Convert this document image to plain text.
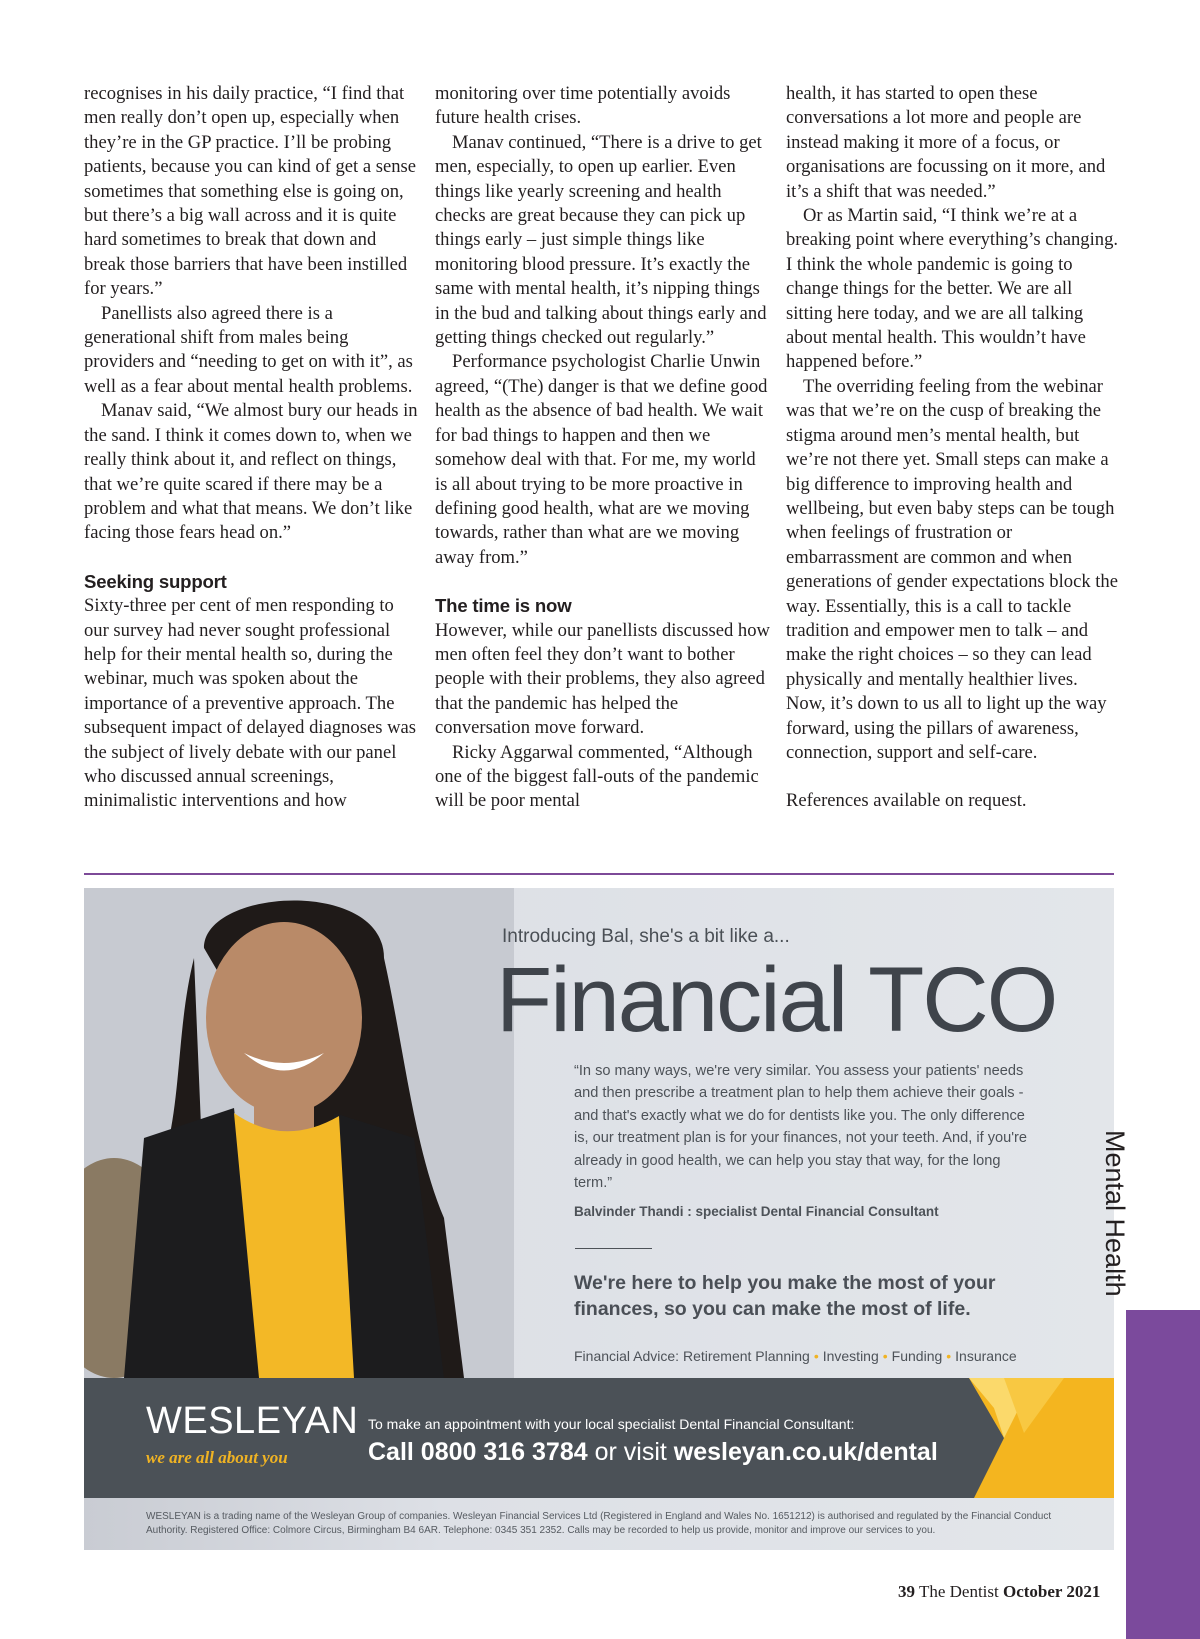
recognises in his daily practice, “I find that men really don’t open up, especially when they’re in the GP practice. I’ll be probing patients, because you can kind of get a sense sometimes that something else is going on, but there’s a big wall across and it is quite hard sometimes to break that down and break those barriers that have been instilled for years.”

Panellists also agreed there is a generational shift from males being providers and “needing to get on with it”, as well as a fear about mental health problems.

Manav said, “We almost bury our heads in the sand. I think it comes down to, when we really think about it, and reflect on things, that we’re quite scared if there may be a problem and what that means. We don’t like facing those fears head on.”

Seeking support

Sixty-three per cent of men responding to our survey had never sought professional help for their mental health so, during the webinar, much was spoken about the importance of a preventive approach. The subsequent impact of delayed diagnoses was the subject of lively debate with our panel who discussed annual screenings, minimalistic interventions and how

monitoring over time potentially avoids future health crises.

Manav continued, “There is a drive to get men, especially, to open up earlier. Even things like yearly screening and health checks are great because they can pick up things early – just simple things like monitoring blood pressure. It’s exactly the same with mental health, it’s nipping things in the bud and talking about things early and getting things checked out regularly.”

Performance psychologist Charlie Unwin agreed, “(The) danger is that we define good health as the absence of bad health. We wait for bad things to happen and then we somehow deal with that. For me, my world is all about trying to be more proactive in defining good health, what are we moving towards, rather than what are we moving away from.”

The time is now

However, while our panellists discussed how men often feel they don’t want to bother people with their problems, they also agreed that the pandemic has helped the conversation move forward.

Ricky Aggarwal commented, “Although one of the biggest fall-outs of the pandemic will be poor mental

health, it has started to open these conversations a lot more and people are instead making it more of a focus, or organisations are focussing on it more, and it’s a shift that was needed.”

Or as Martin said, “I think we’re at a breaking point where everything’s changing. I think the whole pandemic is going to change things for the better. We are all sitting here today, and we are all talking about mental health. This wouldn’t have happened before.”

The overriding feeling from the webinar was that we’re on the cusp of breaking the stigma around men’s mental health, but we’re not there yet. Small steps can make a big difference to improving health and wellbeing, but even baby steps can be tough when feelings of frustration or embarrassment are common and when generations of gender expectations block the way. Essentially, this is a call to tackle tradition and empower men to talk – and make the right choices – so they can lead physically and mentally healthier lives. Now, it’s down to us all to light up the way forward, using the pillars of awareness, connection, support and self-care.

References available on request.

Introducing Bal, she's a bit like a...
Financial TCO
“In so many ways, we're very similar. You assess your patients' needs and then prescribe a treatment plan to help them achieve their goals - and that's exactly what we do for dentists like you. The only difference is, our treatment plan is for your finances, not your teeth. And, if you're already in good health, we can help you stay that way, for the long term.”
Balvinder Thandi : specialist Dental Financial Consultant
We're here to help you make the most of your finances, so you can make the most of life.
Financial Advice: Retirement Planning • Investing • Funding • Insurance
WESLEYAN
we are all about you
To make an appointment with your local specialist Dental Financial Consultant:
Call 0800 316 3784 or visit wesleyan.co.uk/dental
WESLEYAN is a trading name of the Wesleyan Group of companies. Wesleyan Financial Services Ltd (Registered in England and Wales No. 1651212) is authorised and regulated by the Financial Conduct Authority. Registered Office: Colmore Circus, Birmingham B4 6AR. Telephone: 0345 351 2352. Calls may be recorded to help us provide, monitor and improve our services to you.
Mental Health
39 The Dentist October 2021
